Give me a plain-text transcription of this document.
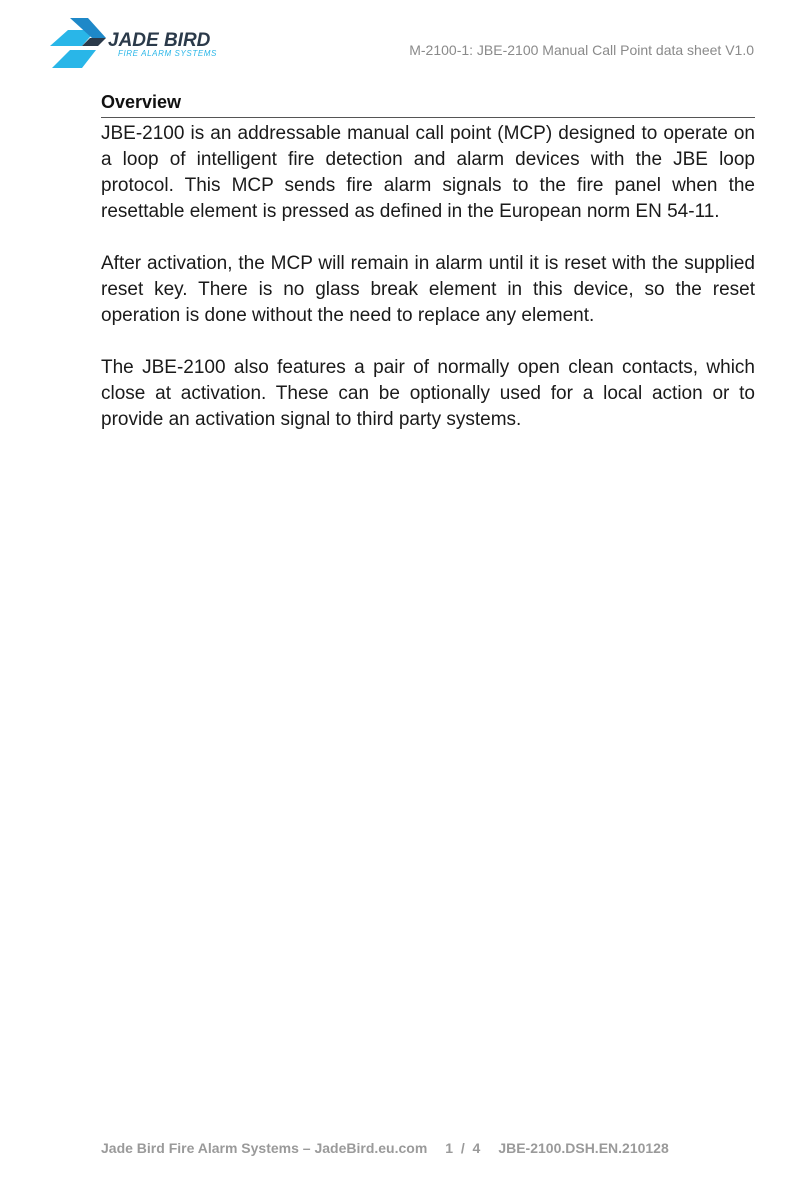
JADE BIRD
FIRE ALARM SYSTEMS	M-2100-1: JBE-2100 Manual Call Point data sheet V1.0
Overview

JBE-2100 is an addressable manual call point (MCP) designed to operate on a loop of intelligent fire detection and alarm devices with the JBE loop protocol. This MCP sends fire alarm signals to the fire panel when the resettable element is pressed as defined in the European norm EN 54-11.

After activation, the MCP will remain in alarm until it is reset with the supplied reset key. There is no glass break element in this device, so the reset operation is done without the need to replace any element.

The JBE-2100 also features a pair of normally open clean contacts, which close at activation. These can be optionally used for a local action or to provide an activation signal to third party systems.

Jade Bird Fire Alarm Systems – JadeBird.eu.com 1  /  4 JBE-2100.DSH.EN.210128
